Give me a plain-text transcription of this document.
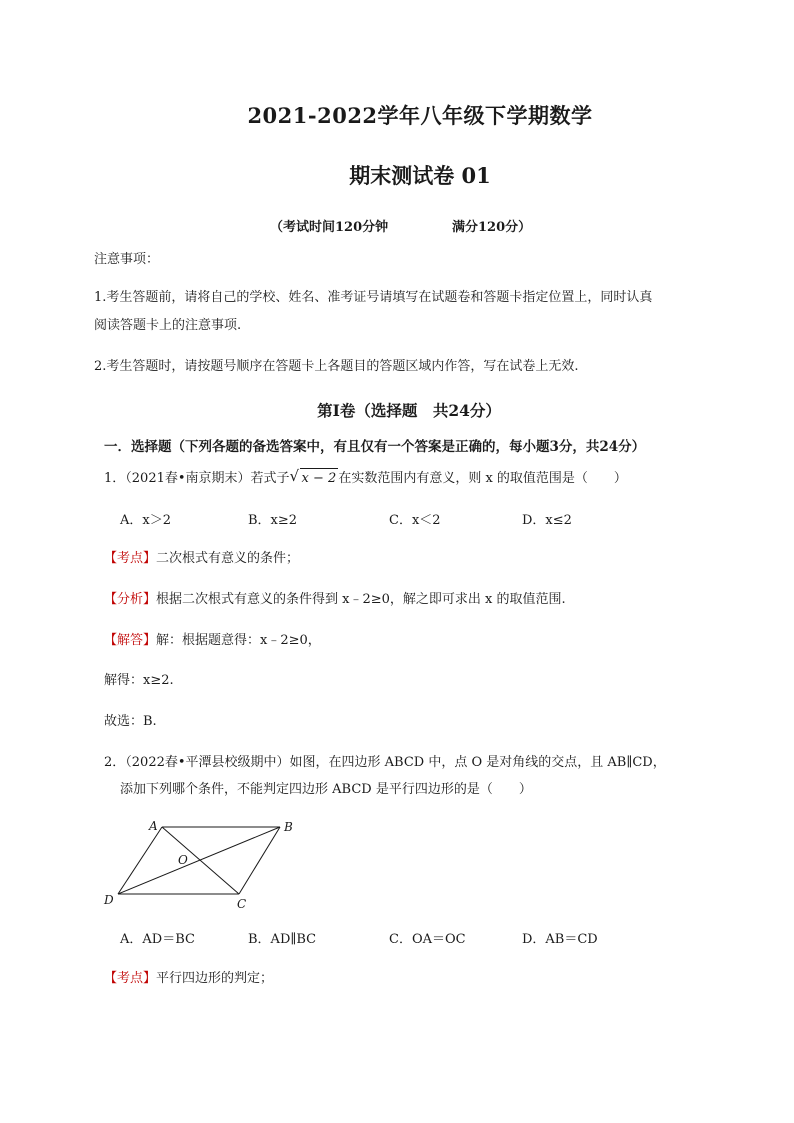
2021-2022学年八年级下学期数学
期末测试卷 01
（考试时间120分钟	满分120分）
注意事项：
1.考生答题前，请将自己的学校、姓名、准考证号请填写在试题卷和答题卡指定位置上，同时认真
阅读答题卡上的注意事项.
2.考生答题时，请按题号顺序在答题卡上各题目的答题区域内作答，写在试卷上无效.
第Ⅰ卷（选择题　共24分）
一．选择题（下列各题的备选答案中，有且仅有一个答案是正确的，每小题3分，共24分）
1．（2021春•南京期末）若式子 √ x − 2 在实数范围内有意义，则 x 的取值范围是（　　）
A．x＞2	B．x≥2	C．x＜2	D．x≤2
【考点】二次根式有意义的条件；
【分析】根据二次根式有意义的条件得到 x﹣2≥0，解之即可求出 x 的取值范围.
【解答】解：根据题意得：x﹣2≥0，
解得：x≥2.
故选：B.
2．（2022春•平潭县校级期中）如图，在四边形 ABCD 中，点 O 是对角线的交点，且 AB∥CD，
添加下列哪个条件，不能判定四边形 ABCD 是平行四边形的是（　　）
A	B
C
D
O
A．AD＝BC	B．AD∥BC	C．OA＝OC	D．AB＝CD
【考点】平行四边形的判定；
